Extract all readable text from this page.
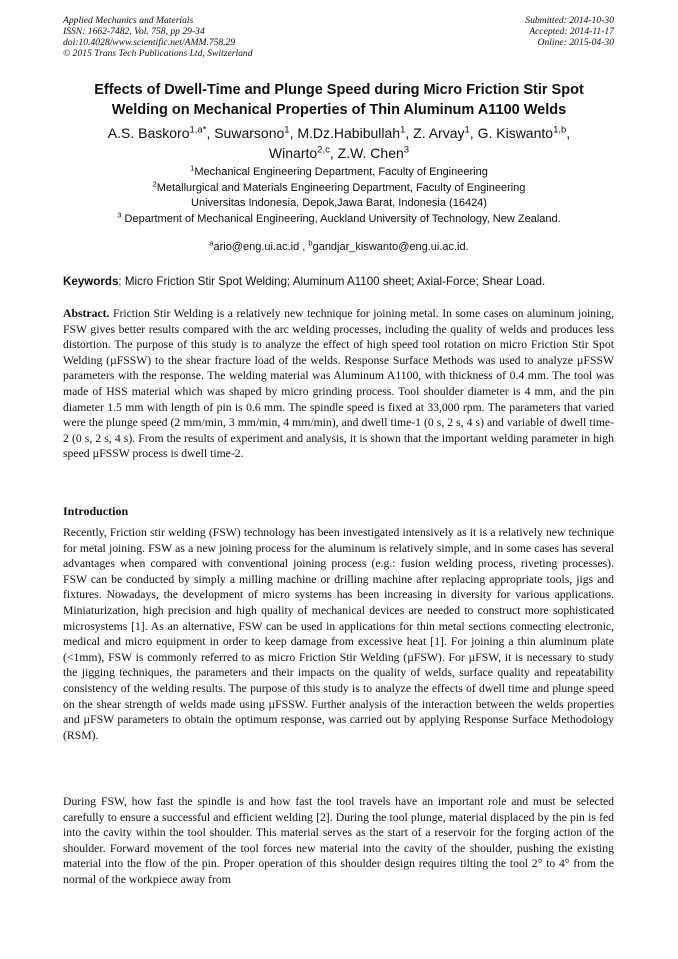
Applied Mechanics and Materials
ISSN: 1662-7482, Vol. 758, pp 29-34
doi:10.4028/www.scientific.net/AMM.758.29
© 2015 Trans Tech Publications Ltd, Switzerland
Submitted: 2014-10-30
Accepted: 2014-11-17
Online: 2015-04-30
Effects of Dwell-Time and Plunge Speed during Micro Friction Stir Spot
Welding on Mechanical Properties of Thin Aluminum A1100 Welds
A.S. Baskoro$^{1,a*}$, Suwarsono$^1$, M.Dz.Habibullah$^1$, Z. Arvay$^1$, G. Kiswanto$^{1,b}$,
Winarto$^{2,c}$, Z.W. Chen$^3$
$^1$Mechanical Engineering Department, Faculty of Engineering
$^2$Metallurgical and Materials Engineering Department, Faculty of Engineering
Universitas Indonesia, Depok,Jawa Barat, Indonesia (16424)
$^3$ Department of Mechanical Engineering, Auckland University of Technology, New Zealand.
$^a$ario@eng.ui.ac.id , $^b$gandjar_kiswanto@eng.ui.ac.id.
Keywords: Micro Friction Stir Spot Welding; Aluminum A1100 sheet; Axial-Force; Shear Load.
Abstract. Friction Stir Welding is a relatively new technique for joining metal. In some cases on aluminum joining, FSW gives better results compared with the arc welding processes, including the quality of welds and produces less distortion. The purpose of this study is to analyze the effect of high speed tool rotation on micro Friction Stir Spot Welding (µFSSW) to the shear fracture load of the welds. Response Surface Methods was used to analyze µFSSW parameters with the response. The welding material was Aluminum A1100, with thickness of 0.4 mm. The tool was made of HSS material which was shaped by micro grinding process. Tool shoulder diameter is 4 mm, and the pin diameter 1.5 mm with length of pin is 0.6 mm. The spindle speed is fixed at 33,000 rpm. The parameters that varied were the plunge speed (2 mm/min, 3 mm/min, 4 mm/min), and dwell time-1 (0 s, 2 s, 4 s) and variable of dwell time-2 (0 s, 2 s, 4 s). From the results of experiment and analysis, it is shown that the important welding parameter in high speed µFSSW process is dwell time-2.
Introduction
Recently, Friction stir welding (FSW) technology has been investigated intensively as it is a relatively new technique for metal joining. FSW as a new joining process for the aluminum is relatively simple, and in some cases has several advantages when compared with conventional joining process (e.g.: fusion welding process, riveting processes). FSW can be conducted by simply a milling machine or drilling machine after replacing appropriate tools, jigs and fixtures. Nowadays, the development of micro systems has been increasing in diversity for various applications. Miniaturization, high precision and high quality of mechanical devices are needed to construct more sophisticated microsystems [1]. As an alternative, FSW can be used in applications for thin metal sections connecting electronic, medical and micro equipment in order to keep damage from excessive heat [1]. For joining a thin aluminum plate (<1mm), FSW is commonly referred to as micro Friction Stir Welding (µFSW). For µFSW, it is necessary to study the jigging techniques, the parameters and their impacts on the quality of welds, surface quality and repeatability consistency of the welding results. The purpose of this study is to analyze the effects of dwell time and plunge speed on the shear strength of welds made using µFSSW. Further analysis of the interaction between the welds properties and µFSW parameters to obtain the optimum response, was carried out by applying Response Surface Methodology (RSM).
During FSW, how fast the spindle is and how fast the tool travels have an important role and must be selected carefully to ensure a successful and efficient welding [2]. During the tool plunge, material displaced by the pin is fed into the cavity within the tool shoulder. This material serves as the start of a reservoir for the forging action of the shoulder. Forward movement of the tool forces new material into the cavity of the shoulder, pushing the existing material into the flow of the pin. Proper operation of this shoulder design requires tilting the tool 2° to 4° from the normal of the workpiece away from
